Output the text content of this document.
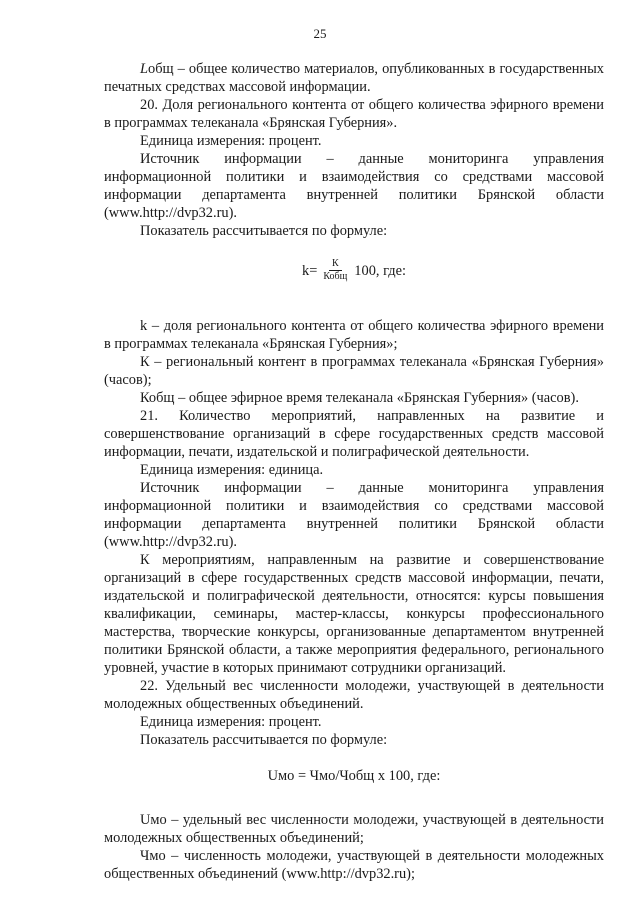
25

Lобщ – общее количество материалов, опубликованных в государственных печатных средствах массовой информации.

20. Доля регионального контента от общего количества эфирного времени в программах телеканала «Брянская Губерния».

Единица измерения: процент.

Источник информации – данные мониторинга управления информационной политики и взаимодействия со средствами массовой информации департамента внутренней политики Брянской области (www.http://dvp32.ru).

Показатель рассчитывается по формуле:

$k= \frac{К}{\text{Кобщ}} 100$, где:

k – доля регионального контента от общего количества эфирного времени в программах телеканала «Брянская Губерния»;

К – региональный контент в программах телеканала «Брянская Губерния» (часов);

Кобщ – общее эфирное время телеканала «Брянская Губерния» (часов).

21. Количество мероприятий, направленных на развитие и совершенствование организаций в сфере государственных средств массовой информации, печати, издательской и полиграфической деятельности.

Единица измерения: единица.

Источник информации – данные мониторинга управления информационной политики и взаимодействия со средствами массовой информации департамента внутренней политики Брянской области (www.http://dvp32.ru).

К мероприятиям, направленным на развитие и совершенствование организаций в сфере государственных средств массовой информации, печати, издательской и полиграфической деятельности, относятся: курсы повышения квалификации, семинары, мастер-классы, конкурсы профессионального мастерства, творческие конкурсы, организованные департаментом внутренней политики Брянской области, а также мероприятия федерального, регионального уровней, участие в которых принимают сотрудники организаций.

22. Удельный вес численности молодежи, участвующей в деятельности молодежных общественных объединений.

Единица измерения: процент.

Показатель рассчитывается по формуле:

Uмо = Чмо/Чобщ х 100, где:

Uмо – удельный вес численности молодежи, участвующей в деятельности молодежных общественных объединений;

Чмо – численность молодежи, участвующей в деятельности молодежных общественных объединений (www.http://dvp32.ru);
